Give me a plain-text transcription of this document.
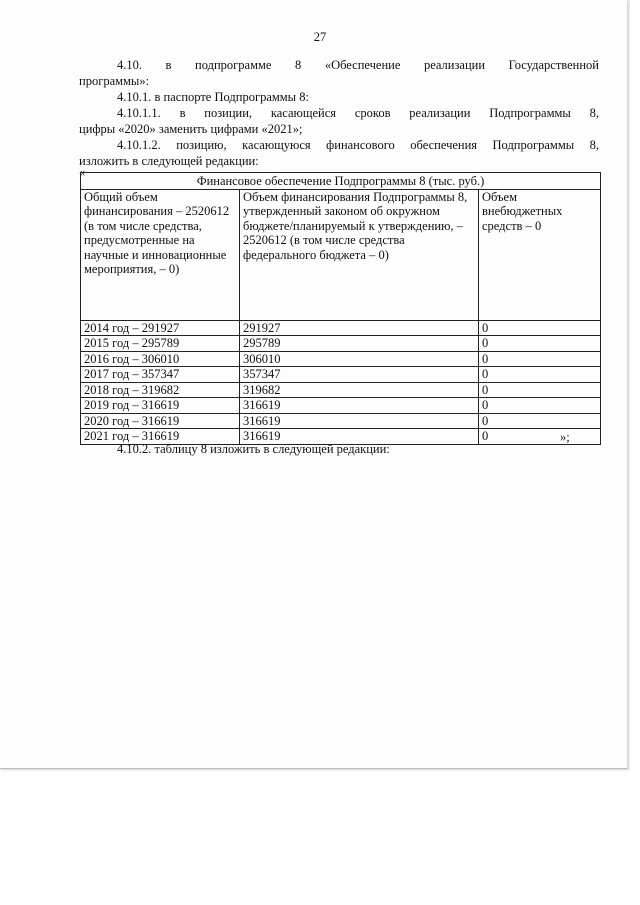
27

4.10. в подпрограмме 8 «Обеспечение реализации Государственной

программы»:

4.10.1. в паспорте Подпрограммы 8:

4.10.1.1. в позиции, касающейся сроков реализации Подпрограммы 8,

цифры «2020» заменить цифрами «2021»;

4.10.1.2. позицию, касающуюся финансового обеспечения Подпрограммы 8,

изложить в следующей редакции:

«

Финансовое обеспечение Подпрограммы 8 (тыс. руб.)		
Общий объем финансирования – 2520612 (в том числе средства, предусмотренные на научные и инновационные мероприятия, – 0)	Объем финансирования Подпрограммы 8, утвержденный законом об окружном бюджете/планируемый к утверждению, – 2520612 (в том числе средства федерального бюджета – 0)	Объем внебюджетных средств – 0
2014 год – 291927	291927	0
2015 год – 295789	295789	0
2016 год – 306010	306010	0
2017 год – 357347	357347	0
2018 год – 319682	319682	0
2019 год – 316619	316619	0
2020 год – 316619	316619	0
2021 год – 316619	316619	0	»;

4.10.2. таблицу 8 изложить в следующей редакции:
